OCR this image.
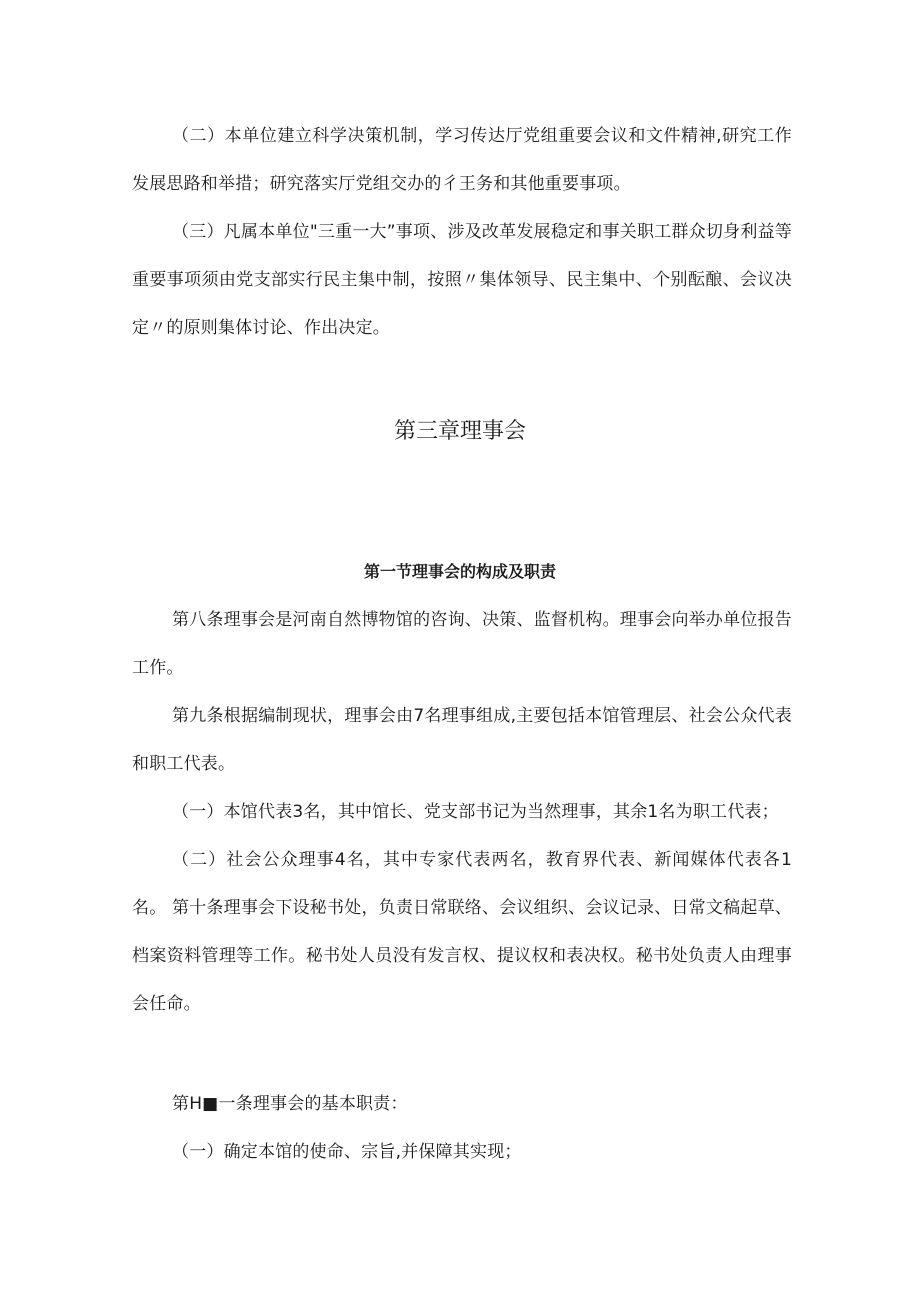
（二）本单位建立科学决策机制，学习传达厅党组重要会议和文件精神,研究工作发展思路和举措；研究落实厅党组交办的彳王务和其他重要事项。

（三）凡属本单位"三重一大”事项、涉及改革发展稳定和事关职工群众切身利益等重要事项须由党支部实行民主集中制，按照〃集体领导、民主集中、个别酝酿、会议决定〃的原则集体讨论、作出决定。

第三章理事会
第一节理事会的构成及职责

第八条理事会是河南自然博物馆的咨询、决策、监督机构。理事会向举办单位报告工作。

第九条根据编制现状，理事会由7名理事组成,主要包括本馆管理层、社会公众代表和职工代表。

（一）本馆代表3名，其中馆长、党支部书记为当然理事，其余1名为职工代表；

（二）社会公众理事4名，其中专家代表两名，教育界代表、新闻媒体代表各1名。 第十条理事会下设秘书处，负责日常联络、会议组织、会议记录、日常文稿起草、档案资料管理等工作。秘书处人员没有发言权、提议权和表决权。秘书处负责人由理事会任命。

第H■一条理事会的基本职责：

（一）确定本馆的使命、宗旨,并保障其实现；
